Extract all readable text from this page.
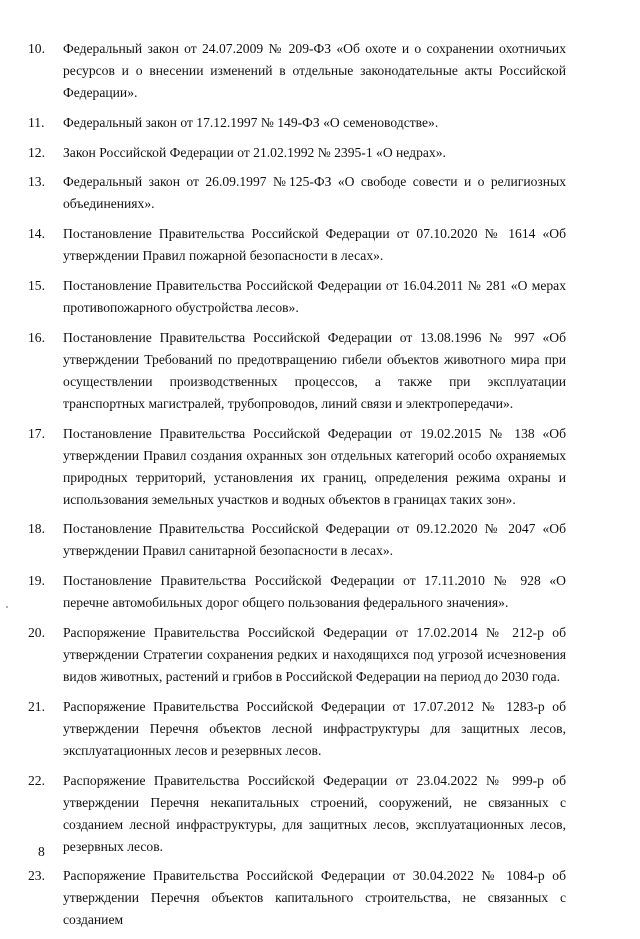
10.	Федеральный закон от 24.07.2009 № 209-ФЗ «Об охоте и о сохранении охотничьих ресурсов и о внесении изменений в отдельные законодательные акты Российской Федерации».
11.	Федеральный закон от 17.12.1997 № 149-ФЗ «О семеноводстве».
12.	Закон Российской Федерации от 21.02.1992 № 2395-1 «О недрах».
13.	Федеральный закон от 26.09.1997 №125-ФЗ «О свободе совести и о религиозных объединениях».
14.	Постановление Правительства Российской Федерации от 07.10.2020 № 1614 «Об утверждении Правил пожарной безопасности в лесах».
15.	Постановление Правительства Российской Федерации от 16.04.2011 № 281 «О мерах противопожарного обустройства лесов».
16.	Постановление Правительства Российской Федерации от 13.08.1996 № 997 «Об утверждении Требований по предотвращению гибели объектов животного мира при осуществлении производственных процессов, а также при эксплуатации транспортных магистралей, трубопроводов, линий связи и электропередачи».
17.	Постановление Правительства Российской Федерации от 19.02.2015 № 138 «Об утверждении Правил создания охранных зон отдельных категорий особо охраняемых природных территорий, установления их границ, определения режима охраны и использования земельных участков и водных объектов в границах таких зон».
18.	Постановление Правительства Российской Федерации от 09.12.2020 № 2047 «Об утверждении Правил санитарной безопасности в лесах».
19.	Постановление Правительства Российской Федерации от 17.11.2010 № 928 «О перечне автомобильных дорог общего пользования федерального значения».
20.	Распоряжение Правительства Российской Федерации от 17.02.2014 № 212-р об утверждении Стратегии сохранения редких и находящихся под угрозой исчезновения видов животных, растений и грибов в Российской Федерации на период до 2030 года.
21.	Распоряжение Правительства Российской Федерации от 17.07.2012 № 1283-р об утверждении Перечня объектов лесной инфраструктуры для защитных лесов, эксплуатационных лесов и резервных лесов.
22.	Распоряжение Правительства Российской Федерации от 23.04.2022 № 999-р об утверждении Перечня некапитальных строений, сооружений, не связанных с созданием лесной инфраструктуры, для защитных лесов, эксплуатационных лесов, резервных лесов.
23.	Распоряжение Правительства Российской Федерации от 30.04.2022 № 1084-р об утверждении Перечня объектов капитального строительства, не связанных с созданием
8
